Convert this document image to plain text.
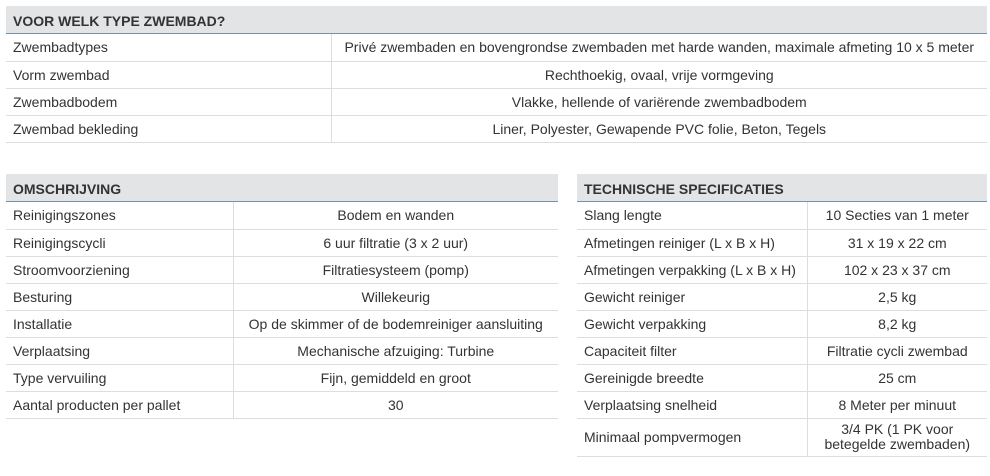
VOOR WELK TYPE ZWEMBAD?
Zwembadtypes	Privé zwembaden en bovengrondse zwembaden met harde wanden, maximale afmeting 10 x 5 meter
Vorm zwembad	Rechthoekig, ovaal, vrije vormgeving
Zwembadbodem	Vlakke, hellende of variërende zwembadbodem
Zwembad bekleding	Liner, Polyester, Gewapende PVC folie, Beton, Tegels
OMSCHRIJVING
Reinigingszones	Bodem en wanden
Reinigingscycli	6 uur filtratie (3 x 2 uur)
Stroomvoorziening	Filtratiesysteem (pomp)
Besturing	Willekeurig
Installatie	Op de skimmer of de bodemreiniger aansluiting
Verplaatsing	Mechanische afzuiging: Turbine
Type vervuiling	Fijn, gemiddeld en groot
Aantal producten per pallet	30
TECHNISCHE SPECIFICATIES
Slang lengte	10 Secties van 1 meter
Afmetingen reiniger (L x B x H)	31 x 19 x 22 cm
Afmetingen verpakking (L x B x H)	102 x 23 x 37 cm
Gewicht reiniger	2,5 kg
Gewicht verpakking	8,2 kg
Capaciteit filter	Filtratie cycli zwembad
Gereinigde breedte	25 cm
Verplaatsing snelheid	8 Meter per minuut
Minimaal pompvermogen	3/4 PK (1 PK voor betegelde zwembaden)
